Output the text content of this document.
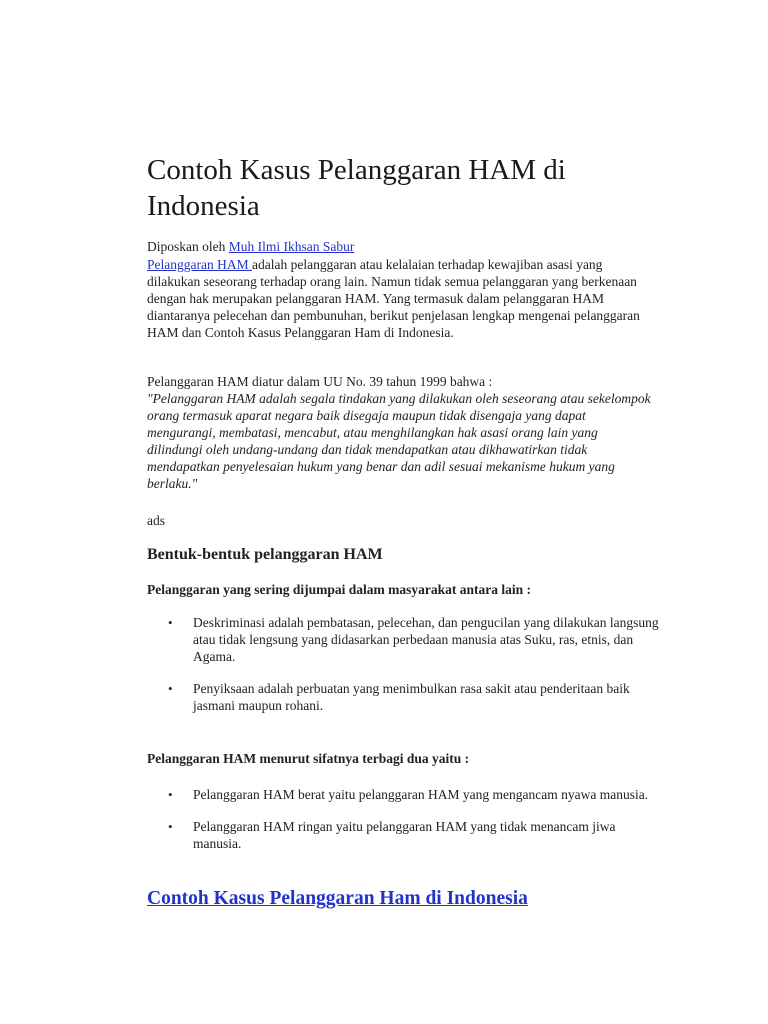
Contoh Kasus Pelanggaran HAM di Indonesia
Diposkan oleh Muh Ilmi Ikhsan Sabur

Pelanggaran HAM adalah pelanggaran atau kelalaian terhadap kewajiban asasi yang dilakukan seseorang terhadap orang lain. Namun tidak semua pelanggaran yang berkenaan dengan hak merupakan pelanggaran HAM. Yang termasuk dalam pelanggaran HAM diantaranya pelecehan dan pembunuhan, berikut penjelasan lengkap mengenai pelanggaran HAM dan Contoh Kasus Pelanggaran Ham di Indonesia.

Pelanggaran HAM diatur dalam UU No. 39 tahun 1999 bahwa :
"Pelanggaran HAM adalah segala tindakan yang dilakukan oleh seseorang atau sekelompok orang termasuk aparat negara baik disegaja maupun tidak disengaja yang dapat mengurangi, membatasi, mencabut, atau menghilangkan hak asasi orang lain yang dilindungi oleh undang-undang dan tidak mendapatkan atau dikhawatirkan tidak mendapatkan penyelesaian hukum yang benar dan adil sesuai mekanisme hukum yang berlaku."

ads
Bentuk-bentuk pelanggaran HAM
Pelanggaran yang sering dijumpai dalam masyarakat antara lain :
• Deskriminasi adalah pembatasan, pelecehan, dan pengucilan yang dilakukan langsung atau tidak lengsung yang didasarkan perbedaan manusia atas Suku, ras, etnis, dan Agama.
• Penyiksaan adalah perbuatan yang menimbulkan rasa sakit atau penderitaan baik jasmani maupun rohani.
Pelanggaran HAM menurut sifatnya terbagi dua yaitu :
• Pelanggaran HAM berat yaitu pelanggaran HAM yang mengancam nyawa manusia.
• Pelanggaran HAM ringan yaitu pelanggaran HAM yang tidak menancam jiwa manusia.
Contoh Kasus Pelanggaran Ham di Indonesia
